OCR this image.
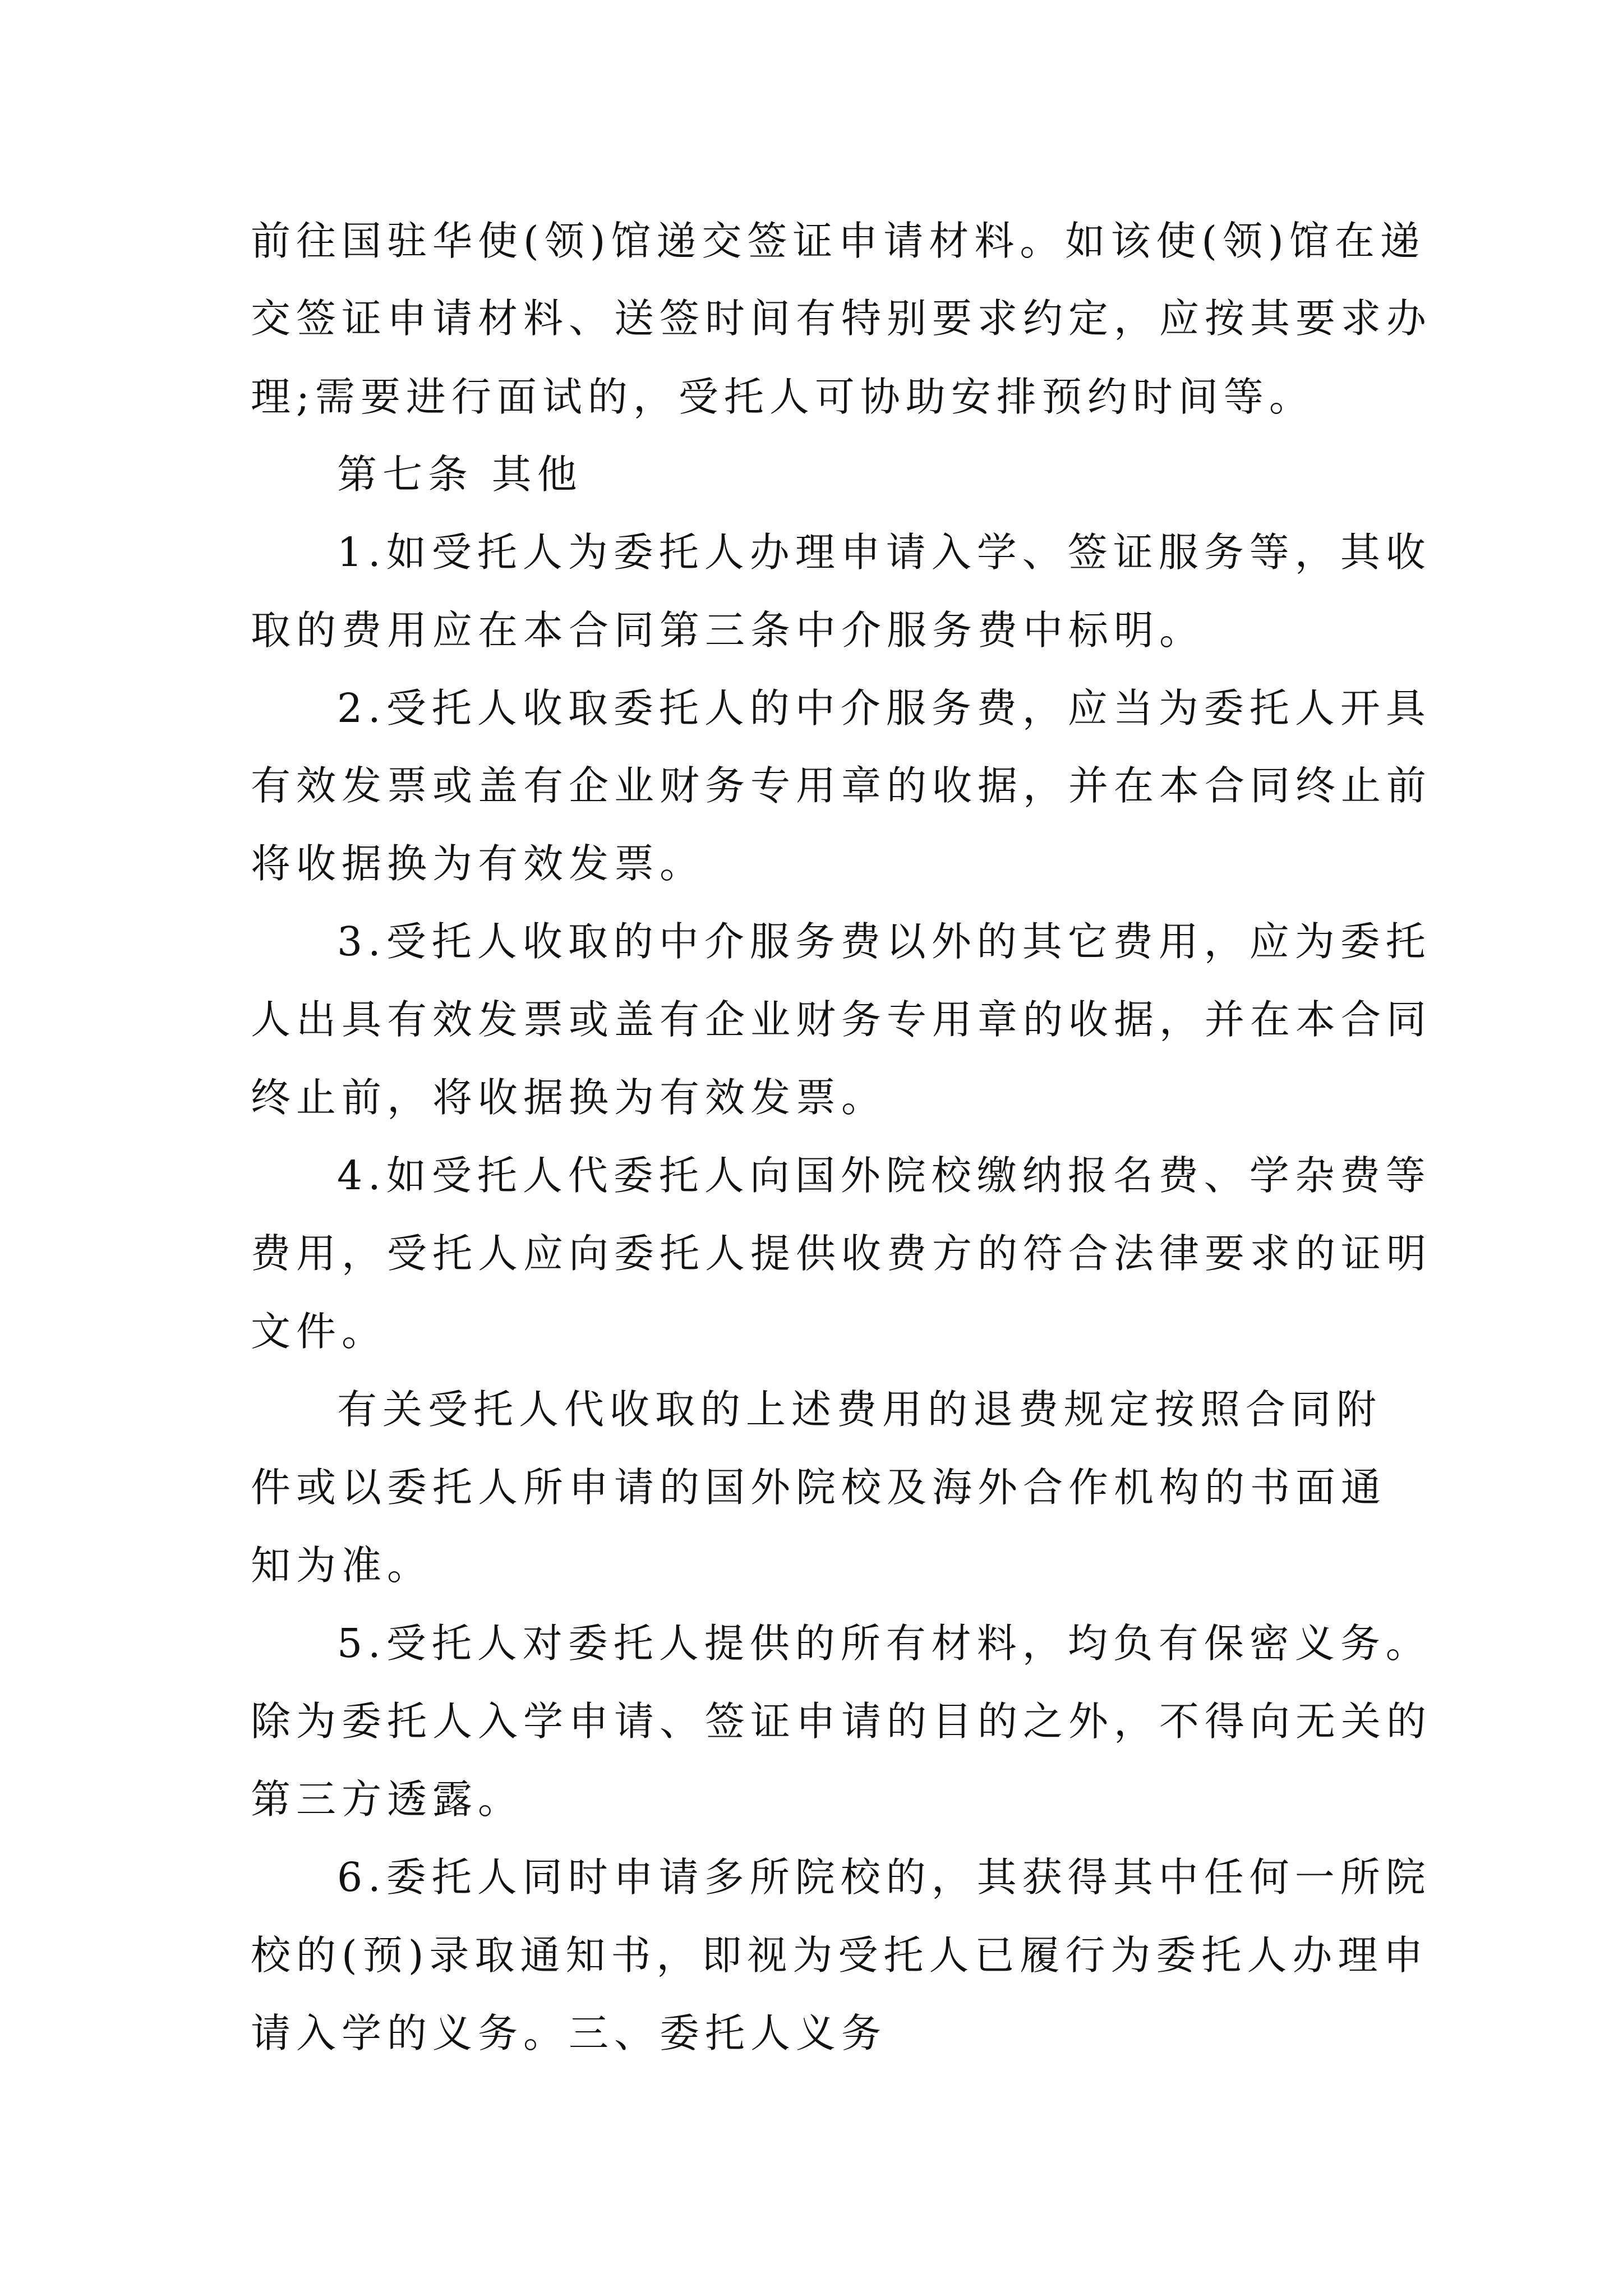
前往国驻华使(领)馆递交签证申请材料。如该使(领)馆在递

交签证申请材料、送签时间有特别要求约定，应按其要求办

理;需要进行面试的，受托人可协助安排预约时间等。

第七条 其他

1.如受托人为委托人办理申请入学、签证服务等，其收

取的费用应在本合同第三条中介服务费中标明。

2.受托人收取委托人的中介服务费，应当为委托人开具

有效发票或盖有企业财务专用章的收据，并在本合同终止前

将收据换为有效发票。

3.受托人收取的中介服务费以外的其它费用，应为委托

人出具有效发票或盖有企业财务专用章的收据，并在本合同

终止前，将收据换为有效发票。

4.如受托人代委托人向国外院校缴纳报名费、学杂费等

费用，受托人应向委托人提供收费方的符合法律要求的证明

文件。

有关受托人代收取的上述费用的退费规定按照合同附

件或以委托人所申请的国外院校及海外合作机构的书面通

知为准。

5.受托人对委托人提供的所有材料，均负有保密义务。

除为委托人入学申请、签证申请的目的之外，不得向无关的

第三方透露。

6.委托人同时申请多所院校的，其获得其中任何一所院

校的(预)录取通知书，即视为受托人已履行为委托人办理申

请入学的义务。三、委托人义务
